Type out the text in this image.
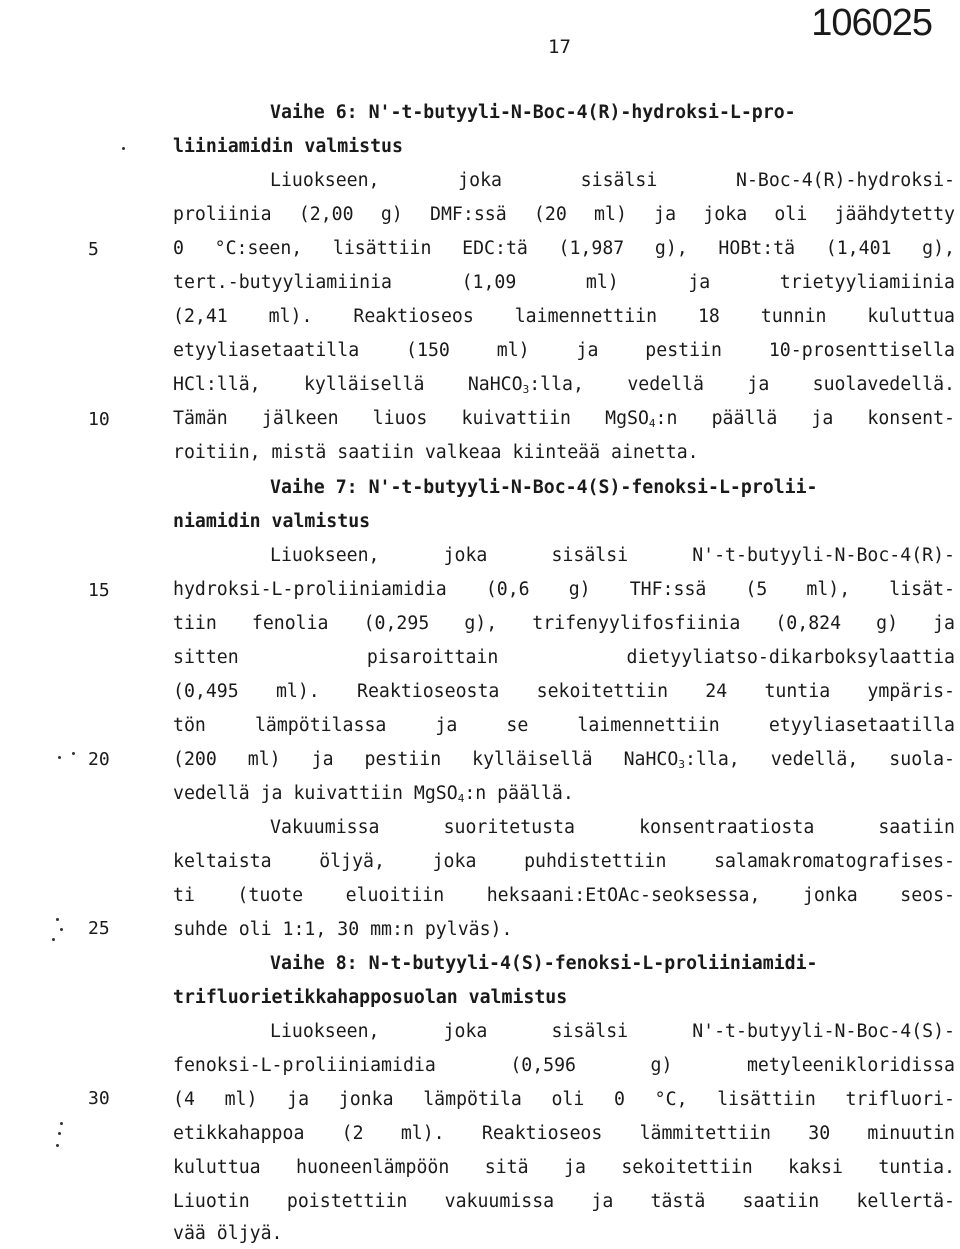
106025
17
5
10
15
20
25
30
Vaihe 6: N'-t-butyyli-N-Boc-4(R)-hydroksi-L-pro-
liiniamidin valmistus
Liuokseen, joka sisälsi N-Boc-4(R)-hydroksi-
proliinia (2,00 g) DMF:ssä (20 ml) ja joka oli jäähdytetty
0 °C:seen, lisättiin EDC:tä (1,987 g), HOBt:tä (1,401 g),
tert.-butyyliamiinia (1,09 ml) ja trietyyliamiinia
(2,41 ml). Reaktioseos laimennettiin 18 tunnin kuluttua
etyyliasetaatilla (150 ml) ja pestiin 10-prosenttisella
HCl:llä, kylläisellä NaHCO$_3$:lla, vedellä ja suolavedellä.
Tämän jälkeen liuos kuivattiin MgSO$_4$:n päällä ja konsent-
roitiin, mistä saatiin valkeaa kiinteää ainetta.
Vaihe 7: N'-t-butyyli-N-Boc-4(S)-fenoksi-L-prolii-
niamidin valmistus
Liuokseen, joka sisälsi N'-t-butyyli-N-Boc-4(R)-
hydroksi-L-proliiniamidia (0,6 g) THF:ssä (5 ml), lisät-
tiin fenolia (0,295 g), trifenyylifosfiinia (0,824 g) ja
sitten pisaroittain dietyyliatso-dikarboksylaattia
(0,495 ml). Reaktioseosta sekoitettiin 24 tuntia ympäris-
tön lämpötilassa ja se laimennettiin etyyliasetaatilla
(200 ml) ja pestiin kylläisellä NaHCO$_3$:lla, vedellä, suola-
vedellä ja kuivattiin MgSO$_4$:n päällä.
Vakuumissa suoritetusta konsentraatiosta saatiin
keltaista öljyä, joka puhdistettiin salamakromatografises-
ti (tuote eluoitiin heksaani:EtOAc-seoksessa, jonka seos-
suhde oli 1:1, 30 mm:n pylväs).
Vaihe 8: N-t-butyyli-4(S)-fenoksi-L-proliiniamidi-
trifluorietikkahapposuolan valmistus
Liuokseen, joka sisälsi N'-t-butyyli-N-Boc-4(S)-
fenoksi-L-proliiniamidia (0,596 g) metyleenikloridissa
(4 ml) ja jonka lämpötila oli 0 °C, lisättiin trifluori-
etikkahappoa (2 ml). Reaktioseos lämmitettiin 30 minuutin
kuluttua huoneenlämpöön sitä ja sekoitettiin kaksi tuntia.
Liuotin poistettiin vakuumissa ja tästä saatiin kellertä-
vää öljyä.
